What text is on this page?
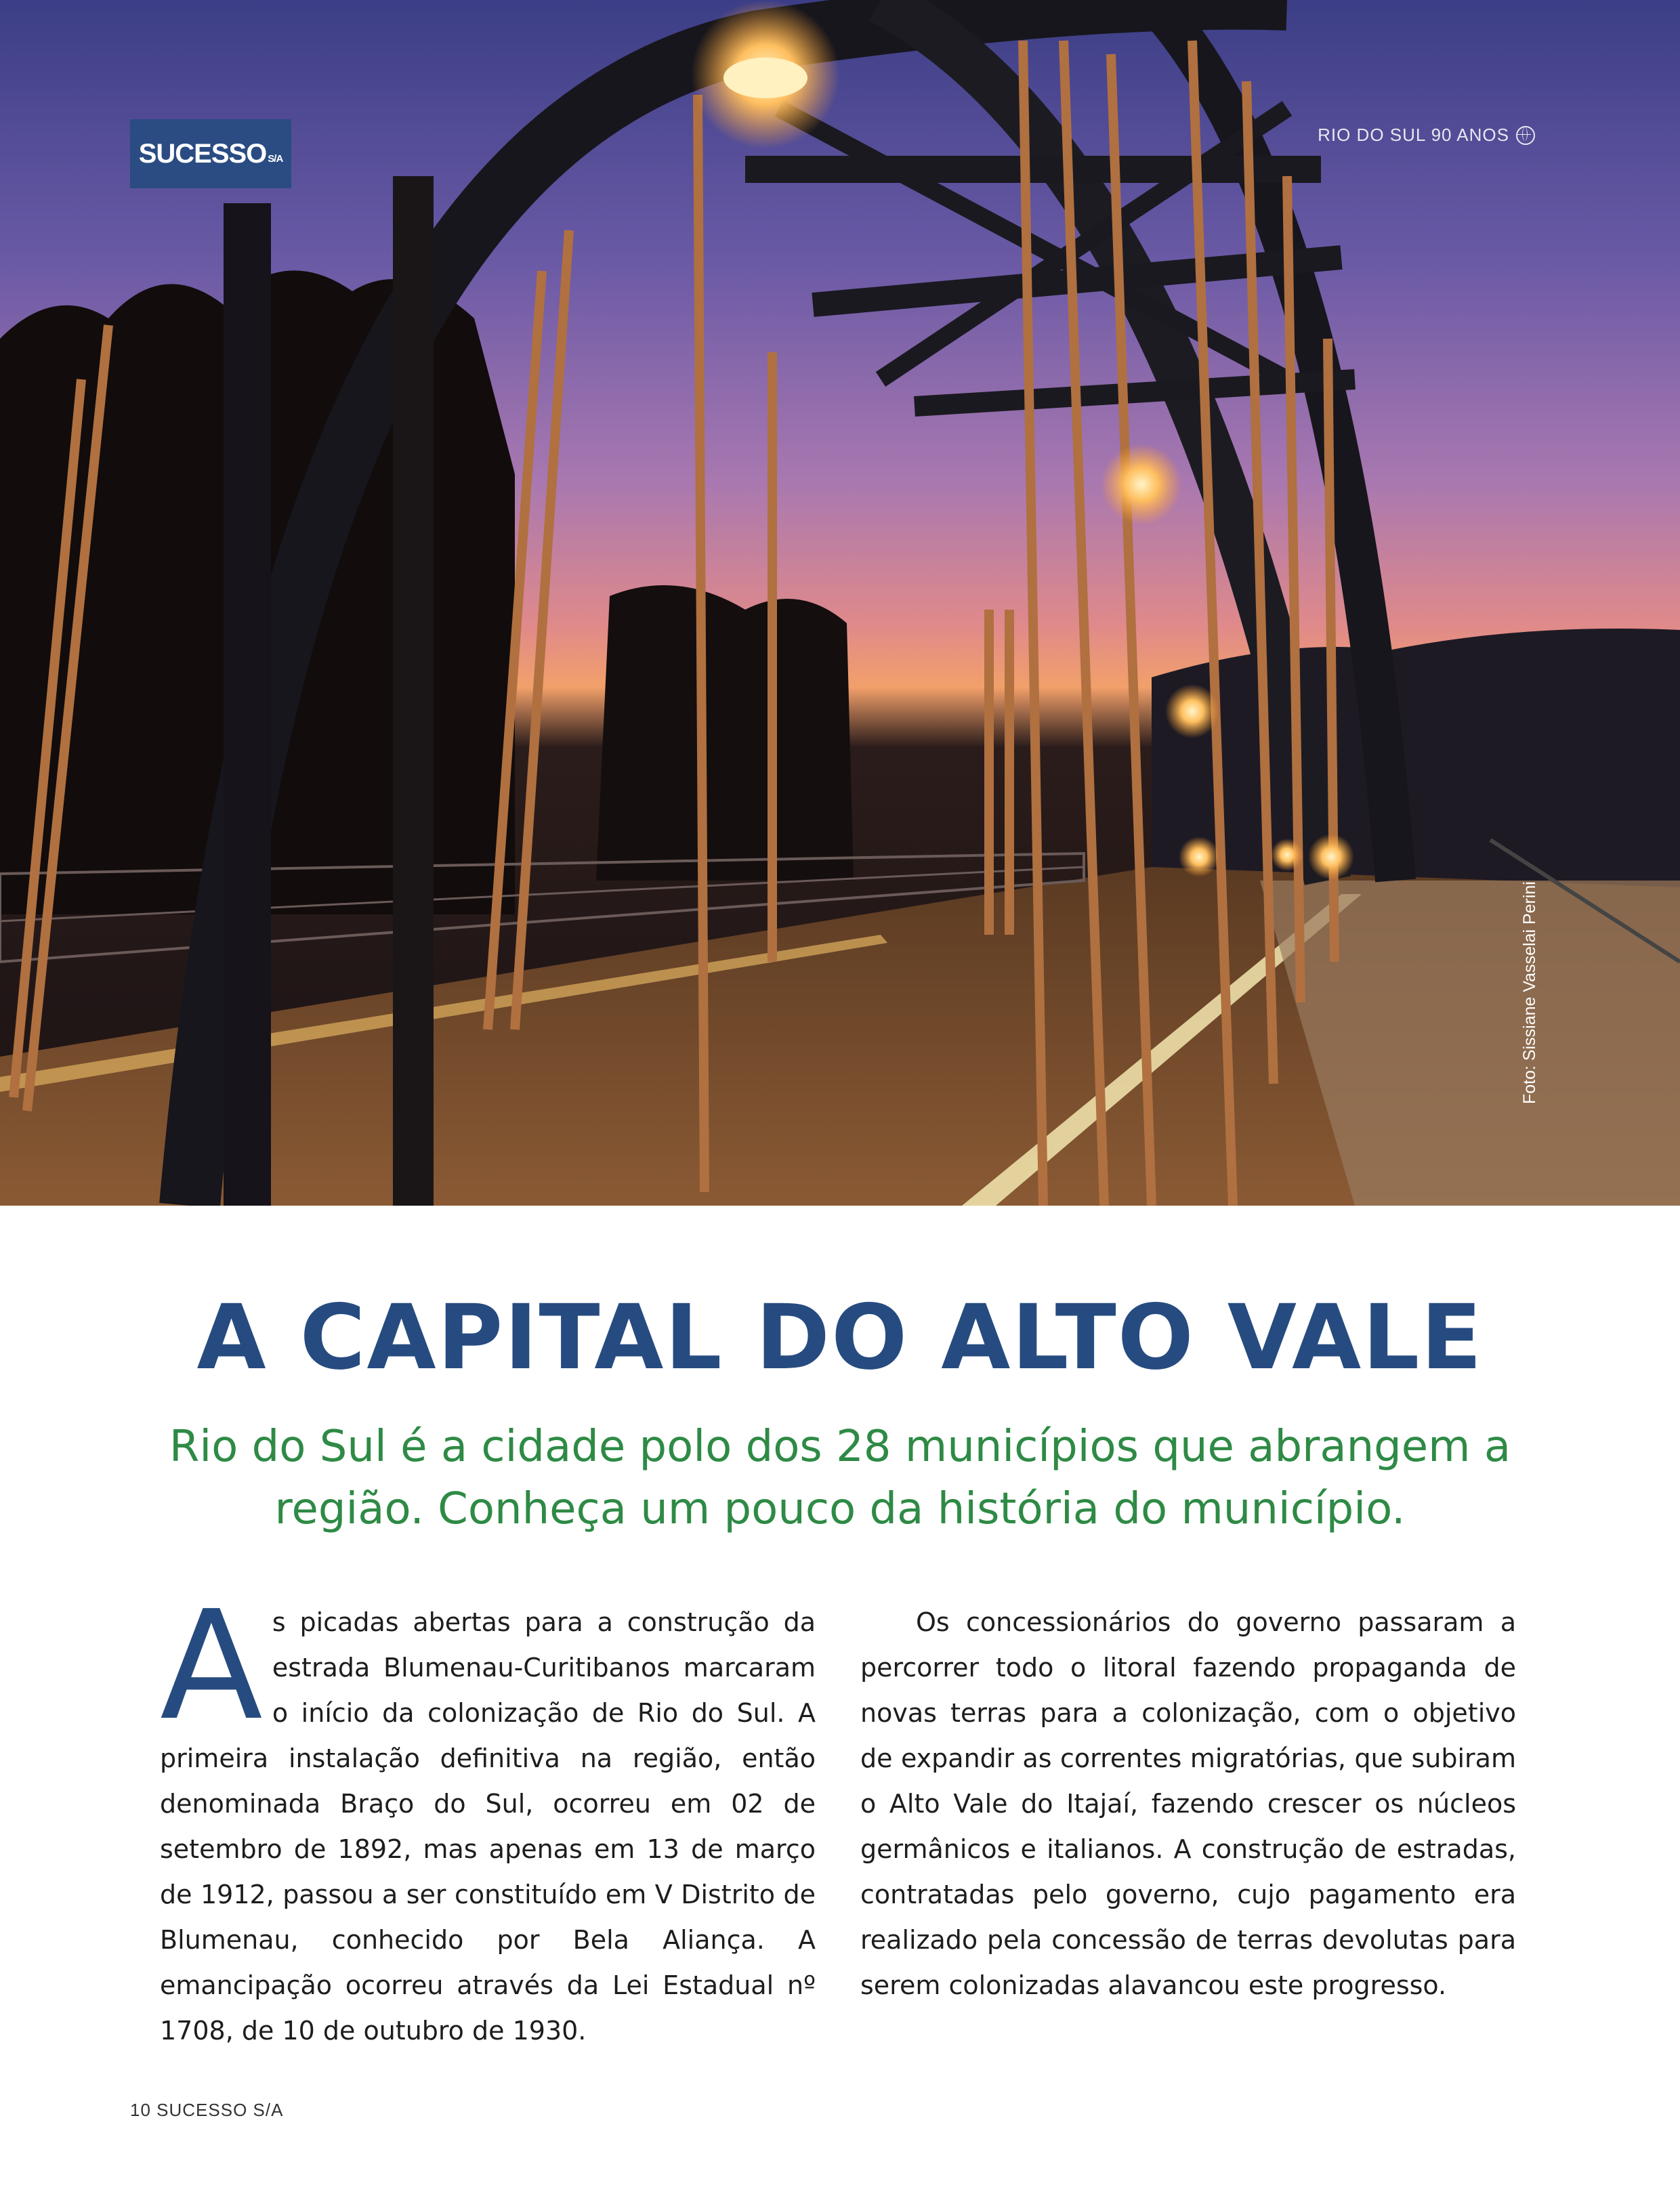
SUCESSO S/A
RIO DO SUL 90 ANOS
Foto: Sissiane Vasselai Perini
A CAPITAL DO ALTO VALE

Rio do Sul é a cidade polo dos 28 municípios que abrangem a região. Conheça um pouco da história do município.

As picadas abertas para a construção da estrada Blumenau-Curitibanos marcaram o início da colonização de Rio do Sul. A primeira instalação definitiva na região, então denominada Braço do Sul, ocorreu em 02 de setembro de 1892, mas apenas em 13 de março de 1912, passou a ser constituído em V Distrito de Blumenau, conhecido por Bela Aliança. A emancipação ocorreu através da Lei Estadual nº 1708, de 10 de outubro de 1930.
Os concessionários do governo passaram a percorrer todo o litoral fazendo propaganda de novas terras para a colonização, com o objetivo de expandir as correntes migratórias, que subiram o Alto Vale do Itajaí, fazendo crescer os núcleos germânicos e italianos. A construção de estradas, contratadas pelo governo, cujo pagamento era realizado pela concessão de terras devolutas para serem colonizadas alavancou este progresso.
10 SUCESSO S/A
